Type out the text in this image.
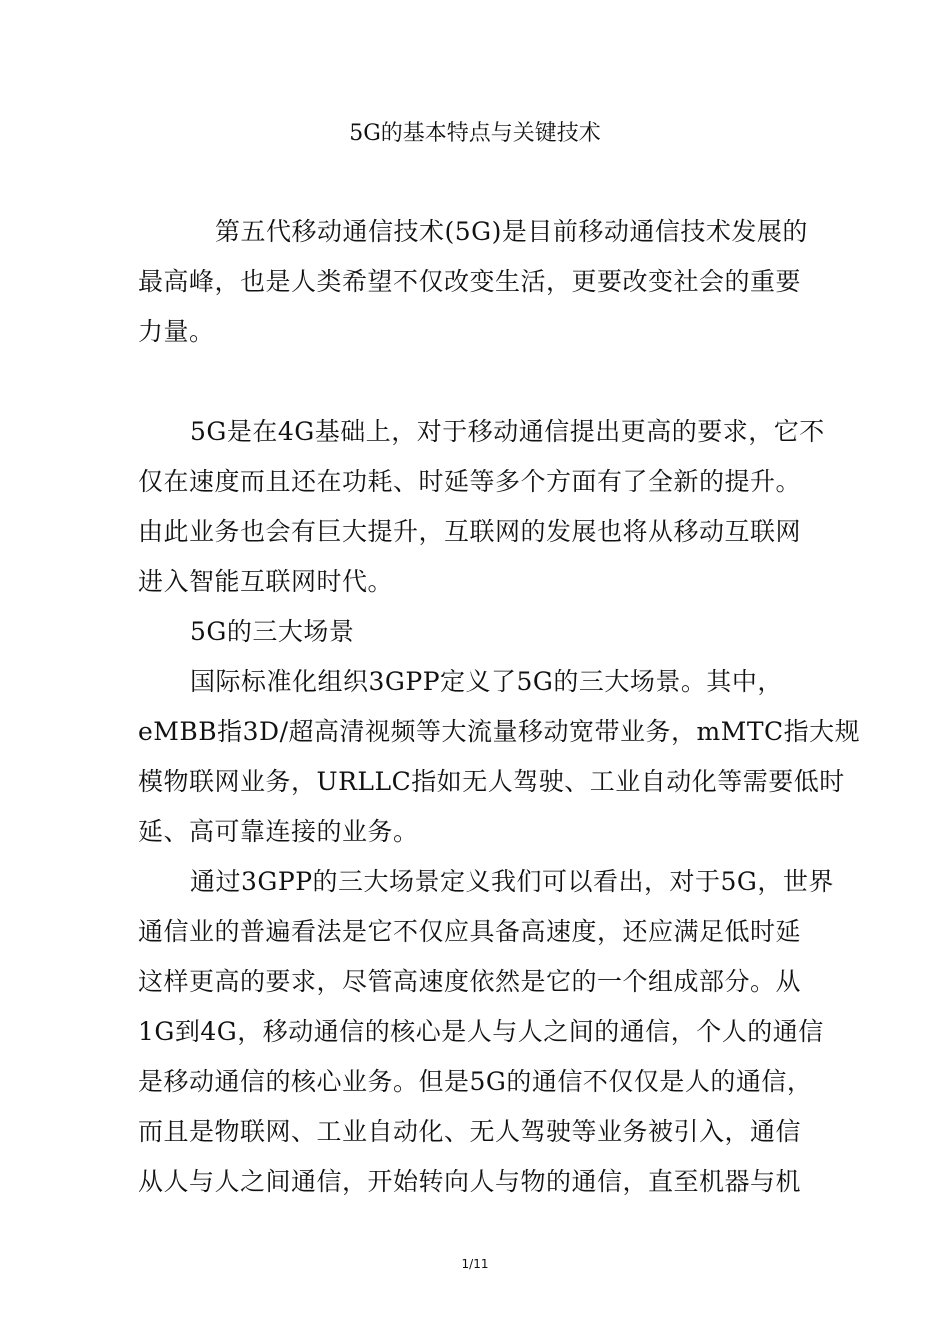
5G的基本特点与关键技术
第五代移动通信技术(5G)是目前移动通信技术发展的
最高峰，也是人类希望不仅改变生活，更要改变社会的重要
力量。
5G是在4G基础上，对于移动通信提出更高的要求，它不
仅在速度而且还在功耗、时延等多个方面有了全新的提升。
由此业务也会有巨大提升，互联网的发展也将从移动互联网
进入智能互联网时代。
5G的三大场景
国际标准化组织3GPP定义了5G的三大场景。其中，
eMBB指3D/超高清视频等大流量移动宽带业务，mMTC指大规
模物联网业务，URLLC指如无人驾驶、工业自动化等需要低时
延、高可靠连接的业务。
通过3GPP的三大场景定义我们可以看出，对于5G，世界
通信业的普遍看法是它不仅应具备高速度，还应满足低时延
这样更高的要求，尽管高速度依然是它的一个组成部分。从
1G到4G，移动通信的核心是人与人之间的通信，个人的通信
是移动通信的核心业务。但是5G的通信不仅仅是人的通信，
而且是物联网、工业自动化、无人驾驶等业务被引入，通信
从人与人之间通信，开始转向人与物的通信，直至机器与机
1/11
